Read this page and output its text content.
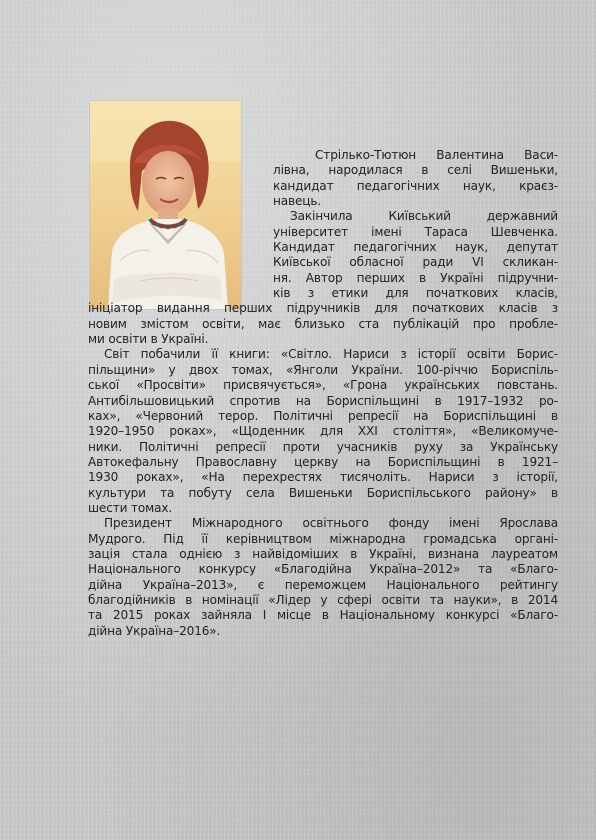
Стрілько-Тютюн Валентина Васи-
лівна, народилася в селі Вишеньки,
кандидат педагогічних наук, краєз-
навець.
Закінчила Київський державний
університет імені Тараса Шевченка.
Кандидат педагогічних наук, депутат
Київської обласної ради VI скликан-
ня. Автор перших в Україні підручни-
ків з етики для початкових класів,
ініціатор видання перших підручників для початкових класів з
новим змістом освіти, має близько ста публікацій про пробле-
ми освіти в Україні.
Світ побачили її книги: «Світло. Нариси з історії освіти Борис-
пільщини» у двох томах, «Янголи України. 100-річчю Бориспіль-
ської «Просвіти» присвячується», «Грона українських повстань.
Антибільшовицький спротив на Бориспільщині в 1917–1932 ро-
ках», «Червоний терор. Політичні репресії на Бориспільщині в
1920–1950 роках», «Щоденник для XXI століття», «Великомуче-
ники. Політичні репресії проти учасників руху за Українську
Автокефальну Православну церкву на Бориспільщині в 1921–
1930 роках», «На перехрестях тисячоліть. Нариси з історії,
культури та побуту села Вишеньки Бориспільського району» в
шести томах.
Президент Міжнародного освітнього фонду імені Ярослава
Мудрого. Під її керівництвом міжнародна громадська органі-
зація стала однією з найвідоміших в Україні, визнана лауреатом
Національного конкурсу «Благодійна Україна–2012» та «Благо-
дійна Україна–2013», є переможцем Національного рейтингу
благодійників в номінації «Лідер у сфері освіти та науки», в 2014
та 2015 роках зайняла I місце в Національному конкурсі «Благо-
дійна Україна–2016».
